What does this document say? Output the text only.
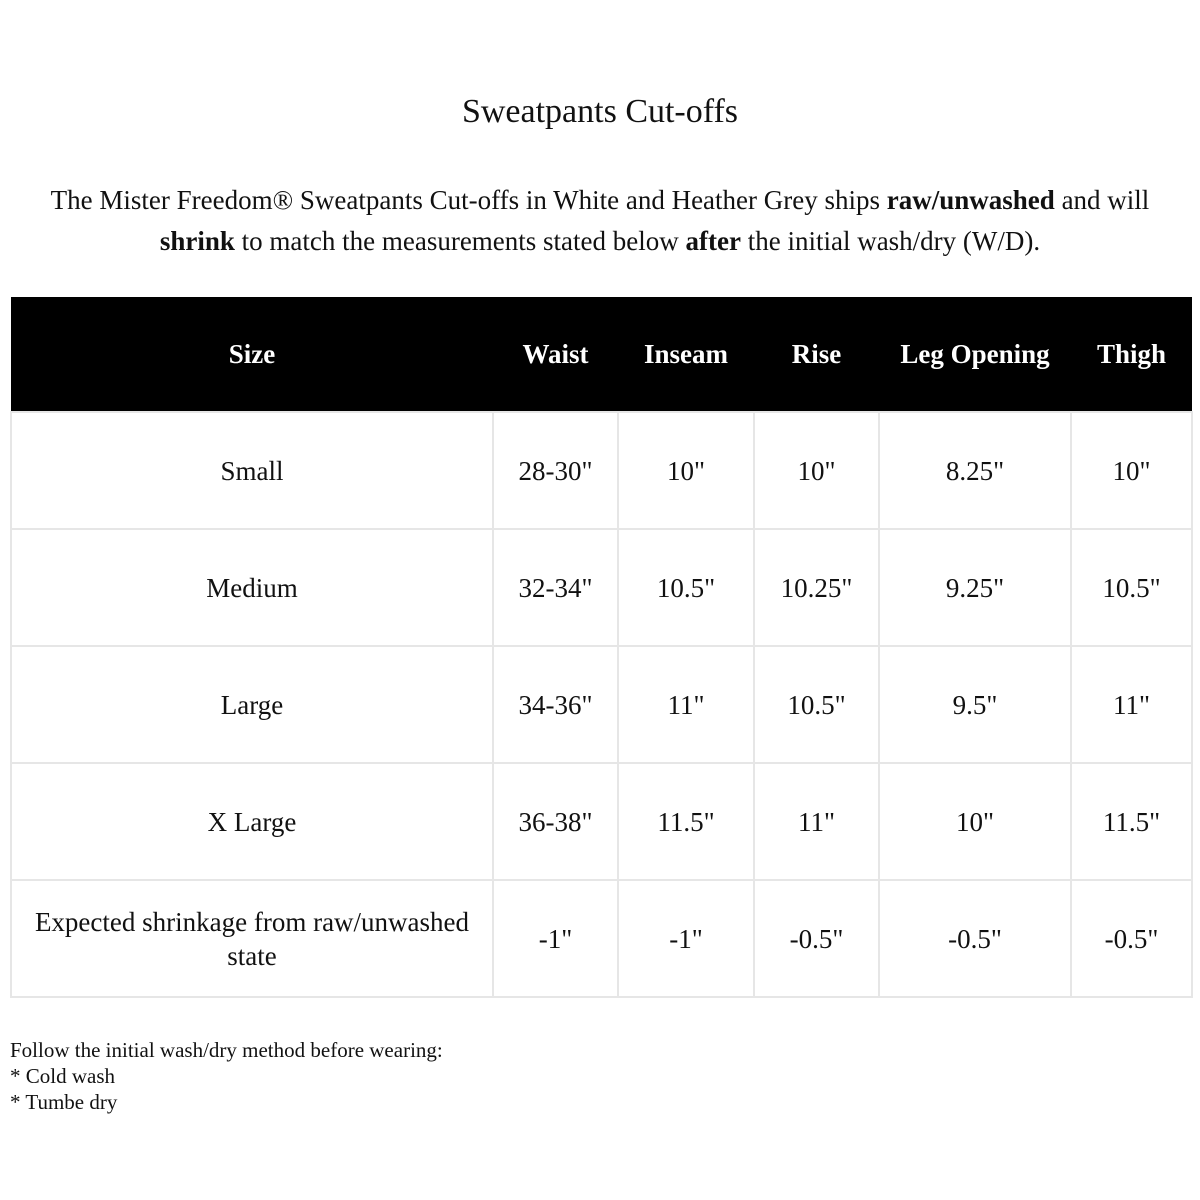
Sweatpants Cut-offs
The Mister Freedom® Sweatpants Cut-offs in White and Heather Grey ships raw/unwashed and will shrink to match the measurements stated below after the initial wash/dry (W/D).
Size	Waist	Inseam	Rise	Leg Opening	Thigh
Small	28-30"	10"	10"	8.25"	10"
Medium	32-34"	10.5"	10.25"	9.25"	10.5"
Large	34-36"	11"	10.5"	9.5"	11"
X Large	36-38"	11.5"	11"	10"	11.5"
Expected shrinkage from raw/unwashed state	-1"	-1"	-0.5"	-0.5"	-0.5"
Follow the initial wash/dry method before wearing:
* Cold wash
* Tumbe dry
